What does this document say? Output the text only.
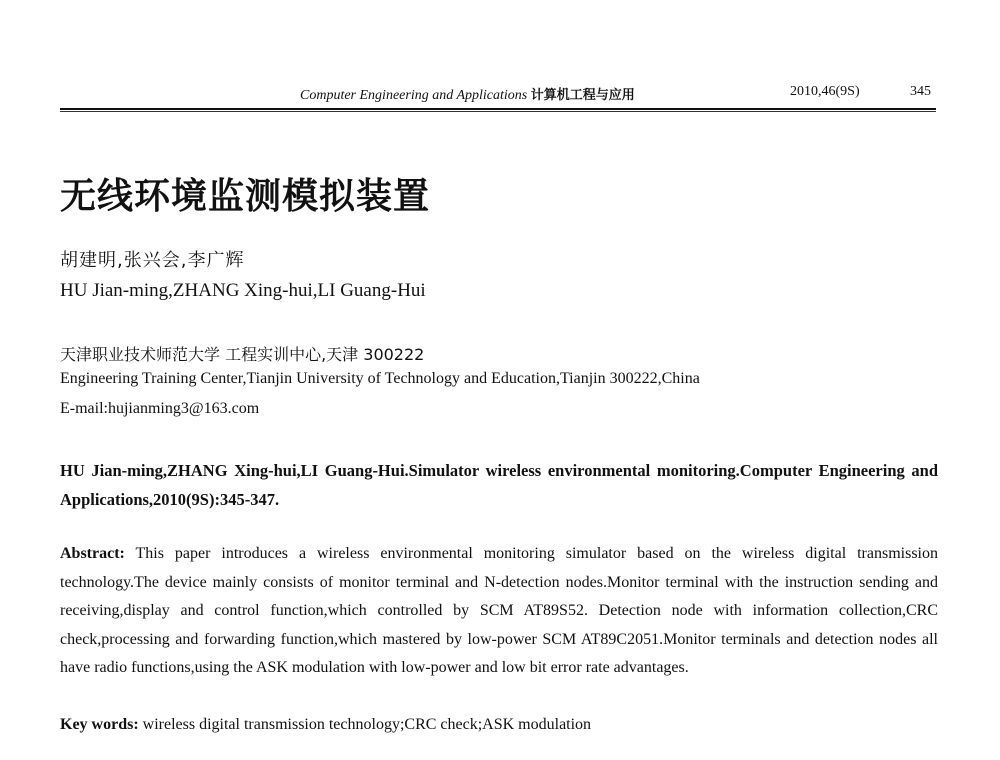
Computer Engineering and Applications 计算机工程与应用	2010,46(9S)	345
无线环境监测模拟装置
胡建明,张兴会,李广辉
HU Jian-ming,ZHANG Xing-hui,LI Guang-Hui
天津职业技术师范大学 工程实训中心,天津 300222
Engineering Training Center,Tianjin University of Technology and Education,Tianjin 300222,China
E-mail:hujianming3@163.com
HU Jian-ming,ZHANG Xing-hui,LI Guang-Hui.Simulator wireless environmental monitoring.Computer Engineering and Applications,2010(9S):345-347.
Abstract: This paper introduces a wireless environmental monitoring simulator based on the wireless digital transmission technology.The device mainly consists of monitor terminal and N-detection nodes.Monitor terminal with the instruction sending and receiving,display and control function,which controlled by SCM AT89S52. Detection node with information collection,CRC check,processing and forwarding function,which mastered by low-power SCM AT89C2051.Monitor terminals and detection nodes all have radio functions,using the ASK modulation with low-power and low bit error rate advantages.
Key words: wireless digital transmission technology;CRC check;ASK modulation
